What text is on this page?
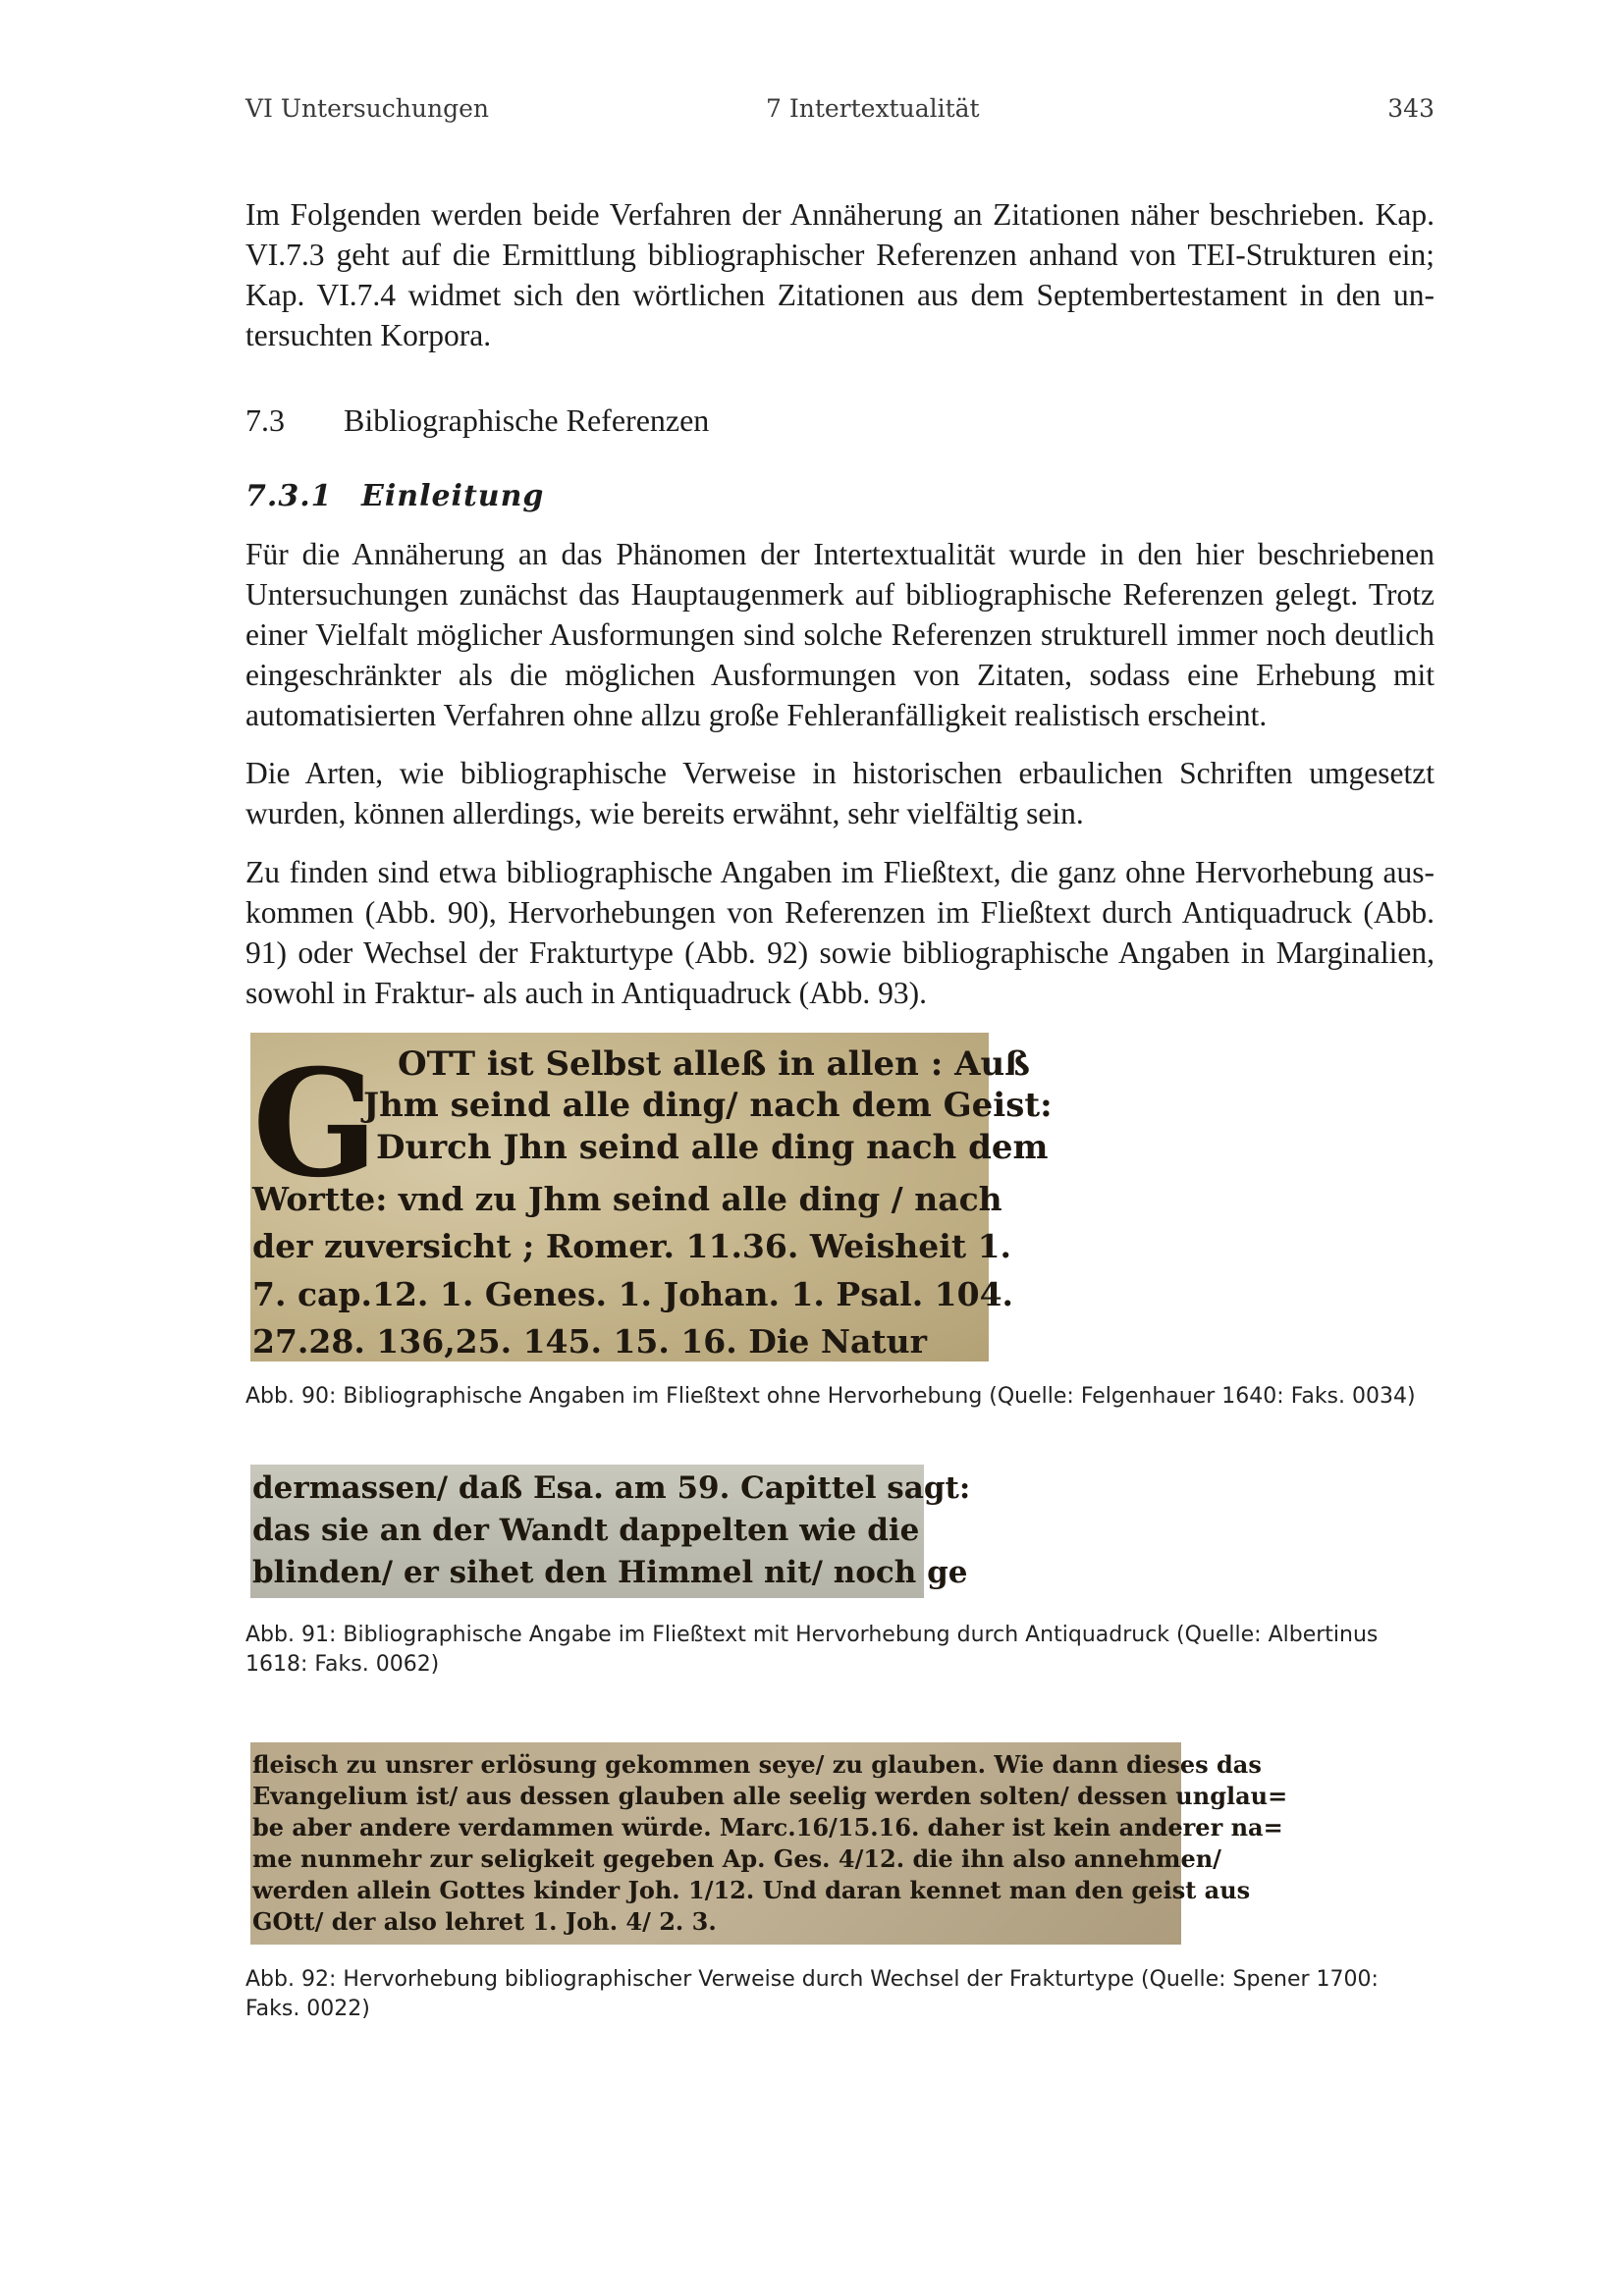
VI Untersuchungen	7 Intertextualität	343

Im Folgenden werden beide Verfahren der Annäherung an Zitationen näher beschrieben. Kap. VI.7.3 geht auf die Ermittlung bibliographischer Referenzen anhand von TEI-Strukturen ein; Kap. VI.7.4 widmet sich den wörtlichen Zitationen aus dem Septembertestament in den untersuchten Korpora.

7.3 Bibliographische Referenzen
7.3.1 Einleitung

Für die Annäherung an das Phänomen der Intertextualität wurde in den hier beschriebenen Untersuchungen zunächst das Hauptaugenmerk auf bibliographische Referenzen gelegt. Trotz einer Vielfalt möglicher Ausformungen sind solche Referenzen strukturell immer noch deutlich eingeschränkter als die möglichen Ausformungen von Zitaten, sodass eine Erhebung mit automatisierten Verfahren ohne allzu große Fehleranfälligkeit realistisch erscheint.

Die Arten, wie bibliographische Verweise in historischen erbaulichen Schriften umgesetzt wurden, können allerdings, wie bereits erwähnt, sehr vielfältig sein.

Zu finden sind etwa bibliographische Angaben im Fließtext, die ganz ohne Hervorhebung auskommen (Abb. 90), Hervorhebungen von Referenzen im Fließtext durch Antiquadruck (Abb. 91) oder Wechsel der Frakturtype (Abb. 92) sowie bibliographische Angaben in Marginalien, sowohl in Fraktur- als auch in Antiquadruck (Abb. 93).

G OTT ist Selbst alleß in allen : Auß
Jhm seind alle ding/ nach dem Geist:
Durch Jhn seind alle ding nach dem
Wortte: vnd zu Jhm seind alle ding / nach
der zuversicht ; Romer. 11.36. Weisheit 1.
7. cap.12. 1. Genes. 1. Johan. 1. Psal. 104.
27.28. 136,25. 145. 15. 16. Die Natur
Abb. 90: Bibliographische Angaben im Fließtext ohne Hervorhebung (Quelle: Felgenhauer 1640: Faks. 0034)
dermassen/ daß Esa. am 59. Capittel sagt:
das sie an der Wandt dappelten wie die
blinden/ er sihet den Himmel nit/ noch ge
Abb. 91: Bibliographische Angabe im Fließtext mit Hervorhebung durch Antiquadruck (Quelle: Albertinus 1618: Faks. 0062)
fleisch zu unsrer erlösung gekommen seye/ zu glauben. Wie dann dieses das
Evangelium ist/ aus dessen glauben alle seelig werden solten/ dessen unglau=
be aber andere verdammen würde. Marc.16/15.16. daher ist kein anderer na=
me nunmehr zur seligkeit gegeben Ap. Ges. 4/12. die ihn also annehmen/
werden allein Gottes kinder Joh. 1/12. Und daran kennet man den geist aus
GOtt/ der also lehret 1. Joh. 4/ 2. 3.
Abb. 92: Hervorhebung bibliographischer Verweise durch Wechsel der Frakturtype (Quelle: Spener 1700: Faks. 0022)
